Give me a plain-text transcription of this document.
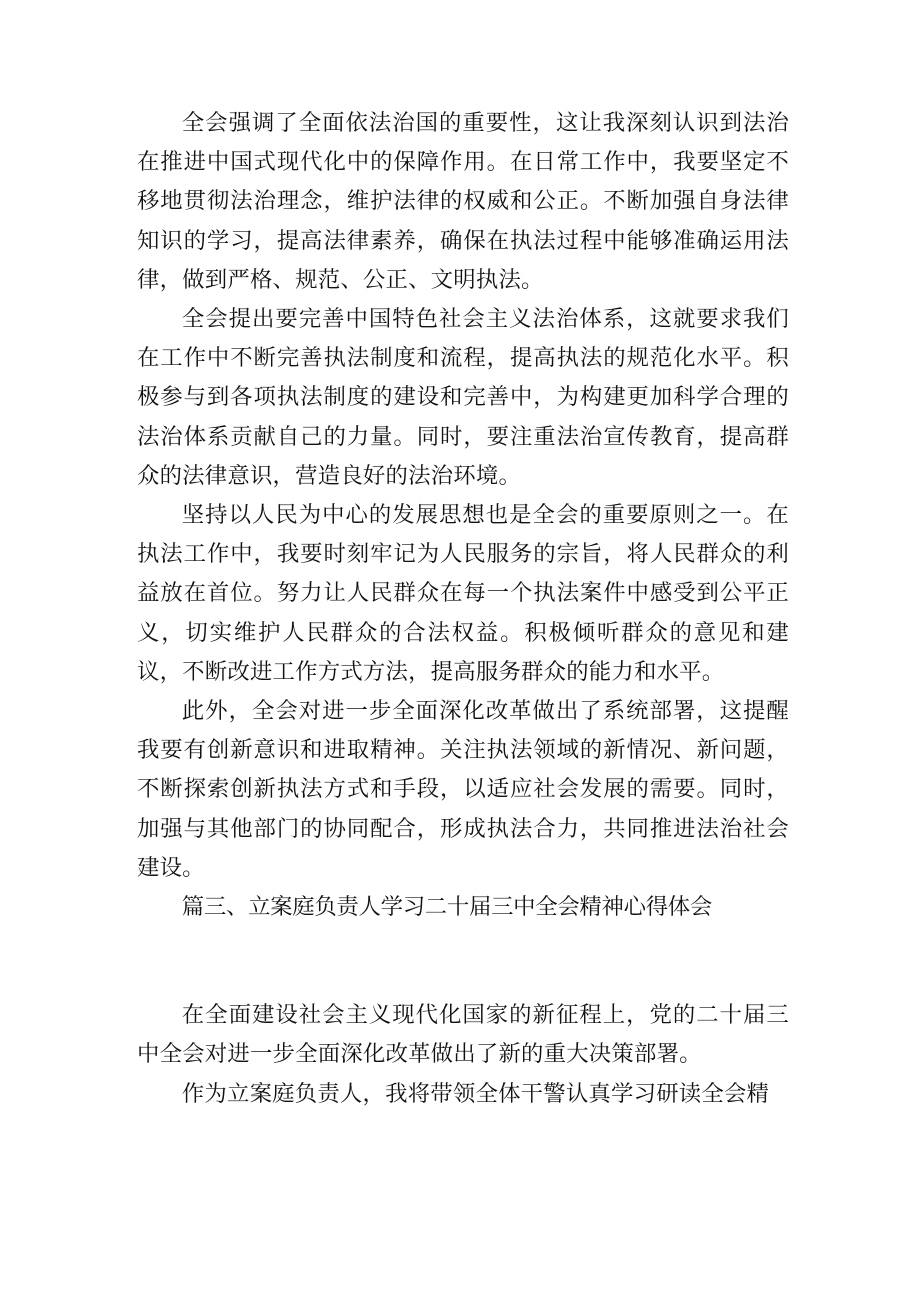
全会强调了全面依法治国的重要性，这让我深刻认识到法治在推进中国式现代化中的保障作用。在日常工作中，我要坚定不移地贯彻法治理念，维护法律的权威和公正。不断加强自身法律知识的学习，提高法律素养，确保在执法过程中能够准确运用法律，做到严格、规范、公正、文明执法。

全会提出要完善中国特色社会主义法治体系，这就要求我们在工作中不断完善执法制度和流程，提高执法的规范化水平。积极参与到各项执法制度的建设和完善中，为构建更加科学合理的法治体系贡献自己的力量。同时，要注重法治宣传教育，提高群众的法律意识，营造良好的法治环境。

坚持以人民为中心的发展思想也是全会的重要原则之一。在执法工作中，我要时刻牢记为人民服务的宗旨，将人民群众的利益放在首位。努力让人民群众在每一个执法案件中感受到公平正义，切实维护人民群众的合法权益。积极倾听群众的意见和建议，不断改进工作方式方法，提高服务群众的能力和水平。

此外，全会对进一步全面深化改革做出了系统部署，这提醒我要有创新意识和进取精神。关注执法领域的新情况、新问题，不断探索创新执法方式和手段，以适应社会发展的需要。同时，加强与其他部门的协同配合，形成执法合力，共同推进法治社会建设。

篇三、立案庭负责人学习二十届三中全会精神心得体会

在全面建设社会主义现代化国家的新征程上，党的二十届三中全会对进一步全面深化改革做出了新的重大决策部署。

作为立案庭负责人，我将带领全体干警认真学习研读全会精
